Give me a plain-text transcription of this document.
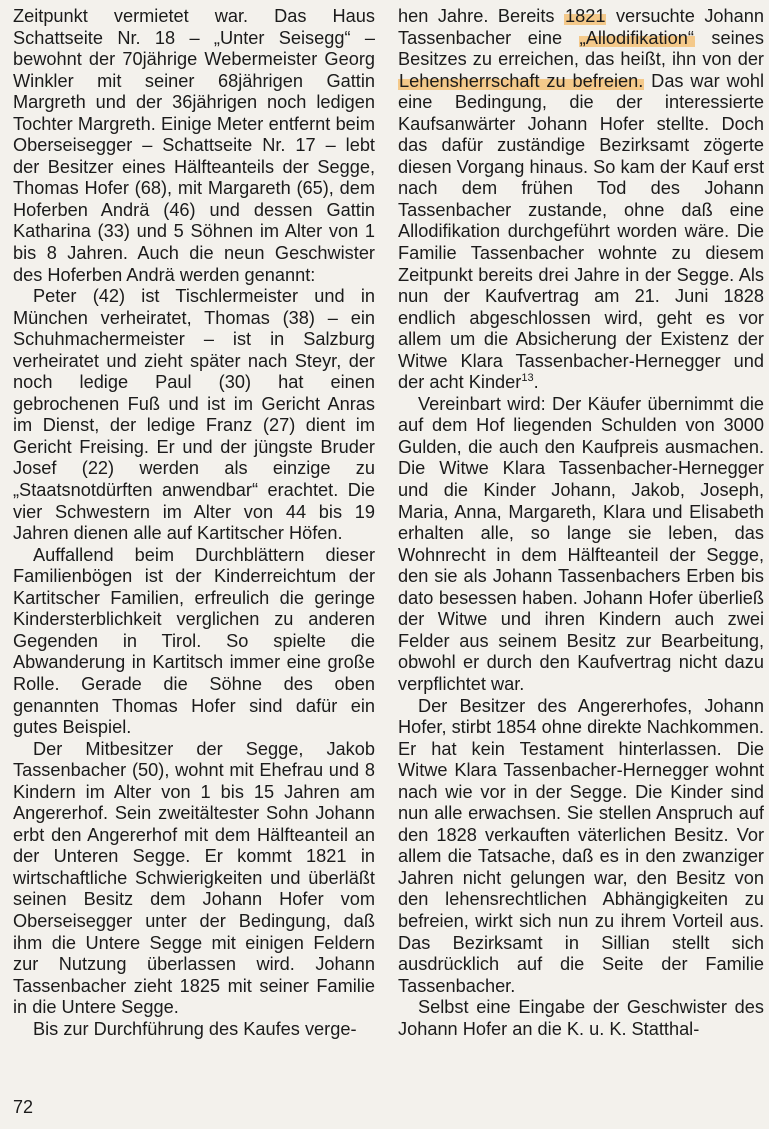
Zeitpunkt vermietet war. Das Haus Schattseite Nr. 18 – „Unter Seisegg“ – bewohnt der 70jährige Webermeister Georg Winkler mit seiner 68jährigen Gattin Margreth und der 36jährigen noch ledigen Tochter Margreth. Einige Meter entfernt beim Oberseisegger – Schattseite Nr. 17 – lebt der Besitzer eines Hälfteanteils der Segge, Thomas Hofer (68), mit Margareth (65), dem Hoferben Andrä (46) und dessen Gattin Katharina (33) und 5 Söhnen im Alter von 1 bis 8 Jahren. Auch die neun Geschwister des Hoferben Andrä werden genannt:

Peter (42) ist Tischlermeister und in München verheiratet, Thomas (38) – ein Schuhmachermeister – ist in Salzburg verheiratet und zieht später nach Steyr, der noch ledige Paul (30) hat einen gebrochenen Fuß und ist im Gericht Anras im Dienst, der ledige Franz (27) dient im Gericht Freising. Er und der jüngste Bruder Josef (22) werden als einzige zu „Staatsnotdürften anwendbar“ erachtet. Die vier Schwestern im Alter von 44 bis 19 Jahren dienen alle auf Kartitscher Höfen.

Auffallend beim Durchblättern dieser Familienbögen ist der Kinderreichtum der Kartitscher Familien, erfreulich die geringe Kindersterblichkeit verglichen zu anderen Gegenden in Tirol. So spielte die Abwanderung in Kartitsch immer eine große Rolle. Gerade die Söhne des oben genannten Thomas Hofer sind dafür ein gutes Beispiel.

Der Mitbesitzer der Segge, Jakob Tassenbacher (50), wohnt mit Ehefrau und 8 Kindern im Alter von 1 bis 15 Jahren am Angererhof. Sein zweitältester Sohn Johann erbt den Angererhof mit dem Hälfteanteil an der Unteren Segge. Er kommt 1821 in wirtschaftliche Schwierigkeiten und überläßt seinen Besitz dem Johann Hofer vom Oberseisegger unter der Bedingung, daß ihm die Untere Segge mit einigen Feldern zur Nutzung überlassen wird. Johann Tassenbacher zieht 1825 mit seiner Familie in die Untere Segge.

Bis zur Durchführung des Kaufes verge-

hen Jahre. Bereits 1821 versuchte Johann Tassenbacher eine „Allodifikation“ seines Besitzes zu erreichen, das heißt, ihn von der Lehensherrschaft zu befreien. Das war wohl eine Bedingung, die der interessierte Kaufsanwärter Johann Hofer stellte. Doch das dafür zuständige Bezirksamt zögerte diesen Vorgang hinaus. So kam der Kauf erst nach dem frühen Tod des Johann Tassenbacher zustande, ohne daß eine Allodifikation durchgeführt worden wäre. Die Familie Tassenbacher wohnte zu diesem Zeitpunkt bereits drei Jahre in der Segge. Als nun der Kaufvertrag am 21. Juni 1828 endlich abgeschlossen wird, geht es vor allem um die Absicherung der Existenz der Witwe Klara Tassenbacher-Hernegger und der acht Kinder$^{13}$.

Vereinbart wird: Der Käufer übernimmt die auf dem Hof liegenden Schulden von 3000 Gulden, die auch den Kaufpreis ausmachen. Die Witwe Klara Tassenbacher-Hernegger und die Kinder Johann, Jakob, Joseph, Maria, Anna, Margareth, Klara und Elisabeth erhalten alle, so lange sie leben, das Wohnrecht in dem Hälfteanteil der Segge, den sie als Johann Tassenbachers Erben bis dato besessen haben. Johann Hofer überließ der Witwe und ihren Kindern auch zwei Felder aus seinem Besitz zur Bearbeitung, obwohl er durch den Kaufvertrag nicht dazu verpflichtet war.

Der Besitzer des Angererhofes, Johann Hofer, stirbt 1854 ohne direkte Nachkommen. Er hat kein Testament hinterlassen. Die Witwe Klara Tassenbacher-Hernegger wohnt nach wie vor in der Segge. Die Kinder sind nun alle erwachsen. Sie stellen Anspruch auf den 1828 verkauften väterlichen Besitz. Vor allem die Tatsache, daß es in den zwanziger Jahren nicht gelungen war, den Besitz von den lehensrechtlichen Abhängigkeiten zu befreien, wirkt sich nun zu ihrem Vorteil aus. Das Bezirksamt in Sillian stellt sich ausdrücklich auf die Seite der Familie Tassenbacher.

Selbst eine Eingabe der Geschwister des Johann Hofer an die K. u. K. Statthal-

72
